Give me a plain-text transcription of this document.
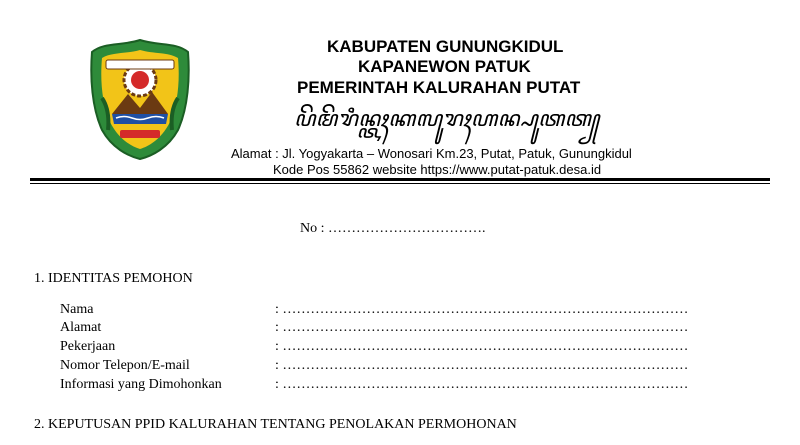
KABUPATEN GUNUNGKIDUL
KAPANEWON PATUK
PEMERINTAH KALURAHAN PUTAT
ꦥꦼꦩꦼꦫꦶꦤ꧀ꦠꦃꦏꦭꦸꦫꦃꦲꦤ꧀ꦥꦸꦠꦠ꧀
Alamat : Jl. Yogyakarta – Wonosari Km.23, Putat, Patuk, Gunungkidul
Kode Pos 55862 website https://www.putat-patuk.desa.id
No : …………………………….
1. IDENTITAS PEMOHON
Nama	: ……………………………………………………………………………
Alamat	: ……………………………………………………………………………
Pekerjaan	: ……………………………………………………………………………
Nomor Telepon/E-mail	: ……………………………………………………………………………
Informasi yang Dimohonkan	: ……………………………………………………………………………
2. KEPUTUSAN PPID KALURAHAN TENTANG PENOLAKAN PERMOHONAN
